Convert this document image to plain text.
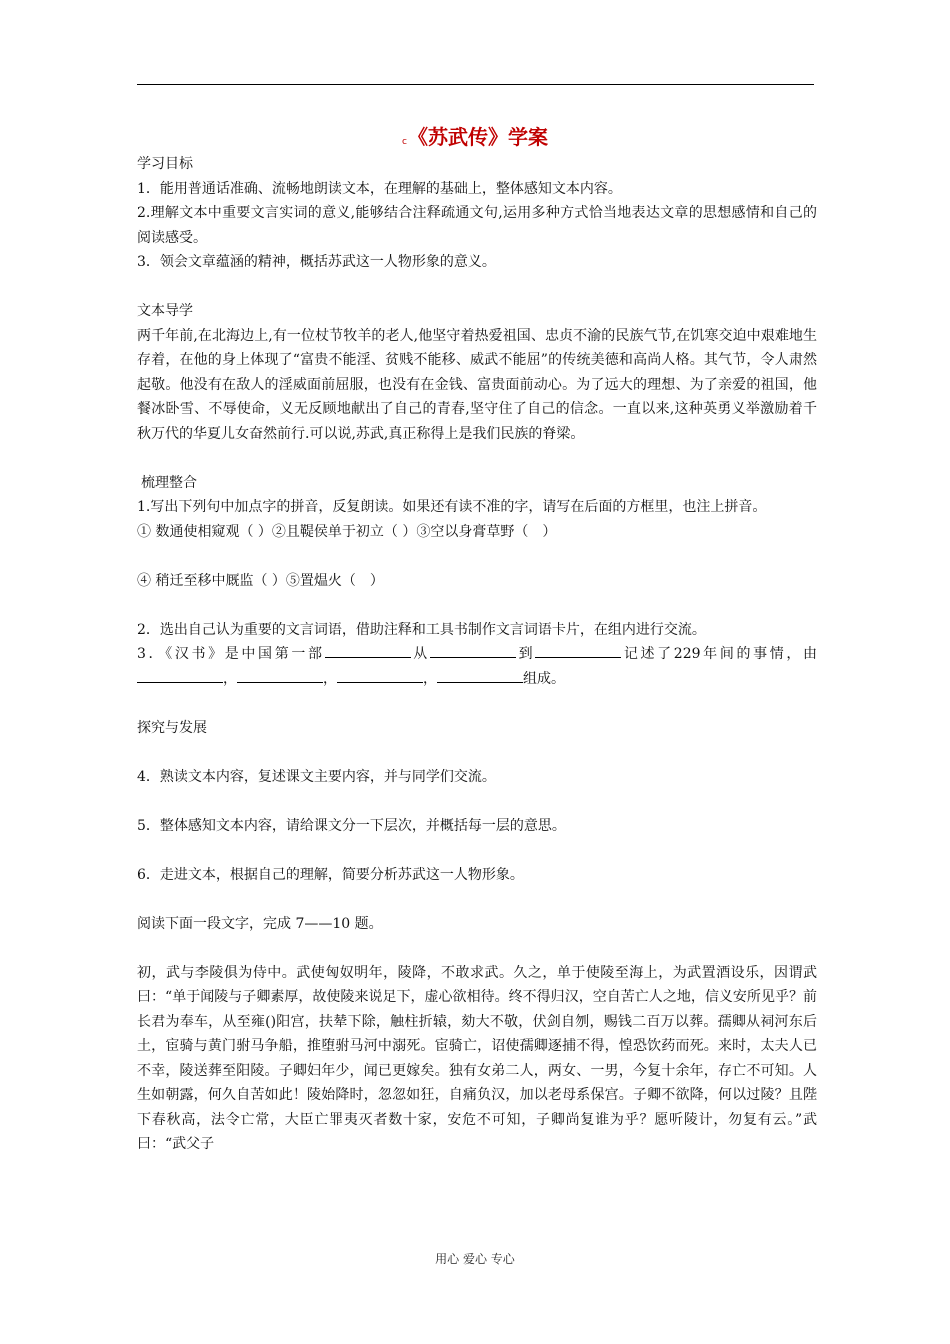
c《苏武传》学案

学习目标

1．能用普通话准确、流畅地朗读文本，在理解的基础上，整体感知文本内容。

2.理解文本中重要文言实词的意义,能够结合注释疏通文句,运用多种方式恰当地表达文章的思想感情和自己的阅读感受。

3．领会文章蕴涵的精神，概括苏武这一人物形象的意义。

文本导学

两千年前,在北海边上,有一位杖节牧羊的老人,他坚守着热爱祖国、忠贞不渝的民族气节,在饥寒交迫中艰难地生存着，在他的身上体现了“富贵不能淫、贫贱不能移、威武不能屈”的传统美德和高尚人格。其气节，令人肃然起敬。他没有在敌人的淫威面前屈服，也没有在金钱、富贵面前动心。为了远大的理想、为了亲爱的祖国，他餐冰卧雪、不辱使命，义无反顾地献出了自己的青春,坚守住了自己的信念。一直以来,这种英勇义举激励着千秋万代的华夏儿女奋然前行.可以说,苏武,真正称得上是我们民族的脊梁。

梳理整合

1.写出下列句中加点字的拼音，反复朗读。如果还有读不准的字，请写在后面的方框里，也注上拼音。

① 数通使相窥观（ ）②且鞮侯单于初立（ ）③空以身膏草野（　）

④ 稍迁至移中厩监（ ）⑤置煴火（　）

2．选出自己认为重要的文言词语，借助注释和工具书制作文言词语卡片，在组内进行交流。

3．《汉书》是中国第一部	从	到	记述了229年间的事情，由，	，	，	组成。

探究与发展

4．熟读文本内容，复述课文主要内容，并与同学们交流。

5．整体感知文本内容，请给课文分一下层次，并概括每一层的意思。

6．走进文本，根据自己的理解，简要分析苏武这一人物形象。

阅读下面一段文字，完成 7——10 题。

初，武与李陵俱为侍中。武使匈奴明年，陵降，不敢求武。久之，单于使陵至海上，为武置酒设乐，因谓武曰：“单于闻陵与子卿素厚，故使陵来说足下，虚心欲相待。终不得归汉，空自苦亡人之地，信义安所见乎？前长君为奉车，从至雍()阳宫，扶辇下除，触柱折辕，劾大不敬，伏剑自刎，赐钱二百万以葬。孺卿从祠河东后土，宦骑与黄门驸马争船，推堕驸马河中溺死。宦骑亡，诏使孺卿逐捕不得，惶恐饮药而死。来时，太夫人已不幸，陵送葬至阳陵。子卿妇年少，闻已更嫁矣。独有女弟二人，两女、一男，今复十余年，存亡不可知。人生如朝露，何久自苦如此！陵始降时，忽忽如狂，自痛负汉，加以老母系保宫。子卿不欲降，何以过陵？且陛下春秋高，法令亡常，大臣亡罪夷灭者数十家，安危不可知，子卿尚复谁为乎？愿听陵计，勿复有云。”武曰：“武父子

用心 爱心 专心
